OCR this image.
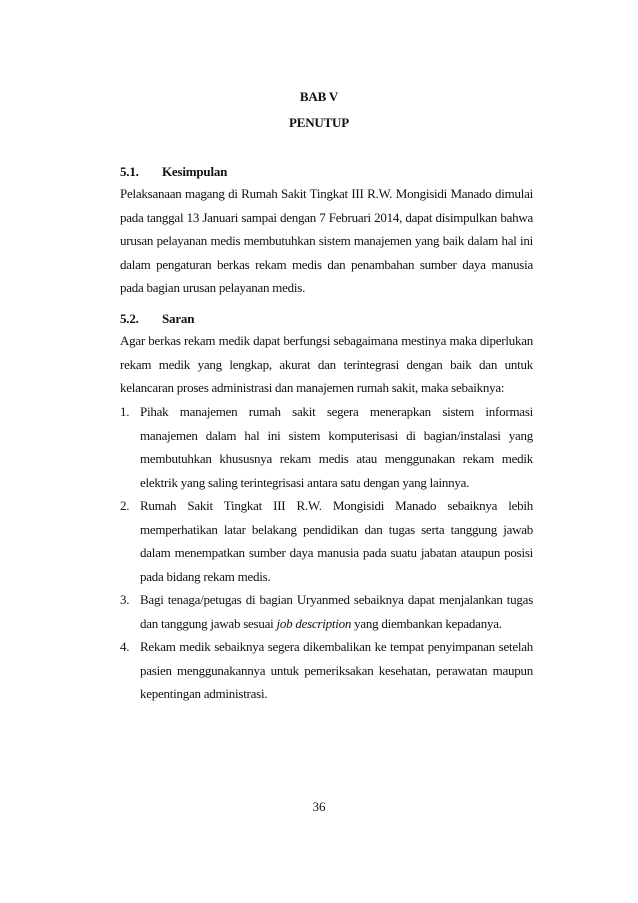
BAB V
PENUTUP
5.1. Kesimpulan
Pelaksanaan magang di Rumah Sakit Tingkat III R.W. Mongisidi Manado dimulai
pada tanggal 13 Januari sampai dengan 7 Februari 2014, dapat disimpulkan bahwa
urusan pelayanan medis membutuhkan sistem manajemen yang baik dalam hal ini
dalam pengaturan berkas rekam medis dan penambahan sumber daya manusia
pada bagian urusan pelayanan medis.
5.2. Saran
Agar berkas rekam medik dapat berfungsi sebagaimana mestinya maka diperlukan
rekam medik yang lengkap, akurat dan terintegrasi dengan baik dan untuk
kelancaran proses administrasi dan manajemen rumah sakit, maka sebaiknya:
1. Pihak manajemen rumah sakit segera menerapkan sistem informasi
manajemen dalam hal ini sistem komputerisasi di bagian/instalasi yang
membutuhkan khususnya rekam medis atau menggunakan rekam medik
elektrik yang saling terintegrisasi antara satu dengan yang lainnya.
2. Rumah Sakit Tingkat III R.W. Mongisidi Manado sebaiknya lebih
memperhatikan latar belakang pendidikan dan tugas serta tanggung jawab
dalam menempatkan sumber daya manusia pada suatu jabatan ataupun posisi
pada bidang rekam medis.
3. Bagi tenaga/petugas di bagian Uryanmed sebaiknya dapat menjalankan tugas
dan tanggung jawab sesuai job description yang diembankan kepadanya.
4. Rekam medik sebaiknya segera dikembalikan ke tempat penyimpanan setelah
pasien menggunakannya untuk pemeriksakan kesehatan, perawatan maupun
kepentingan administrasi.
36
